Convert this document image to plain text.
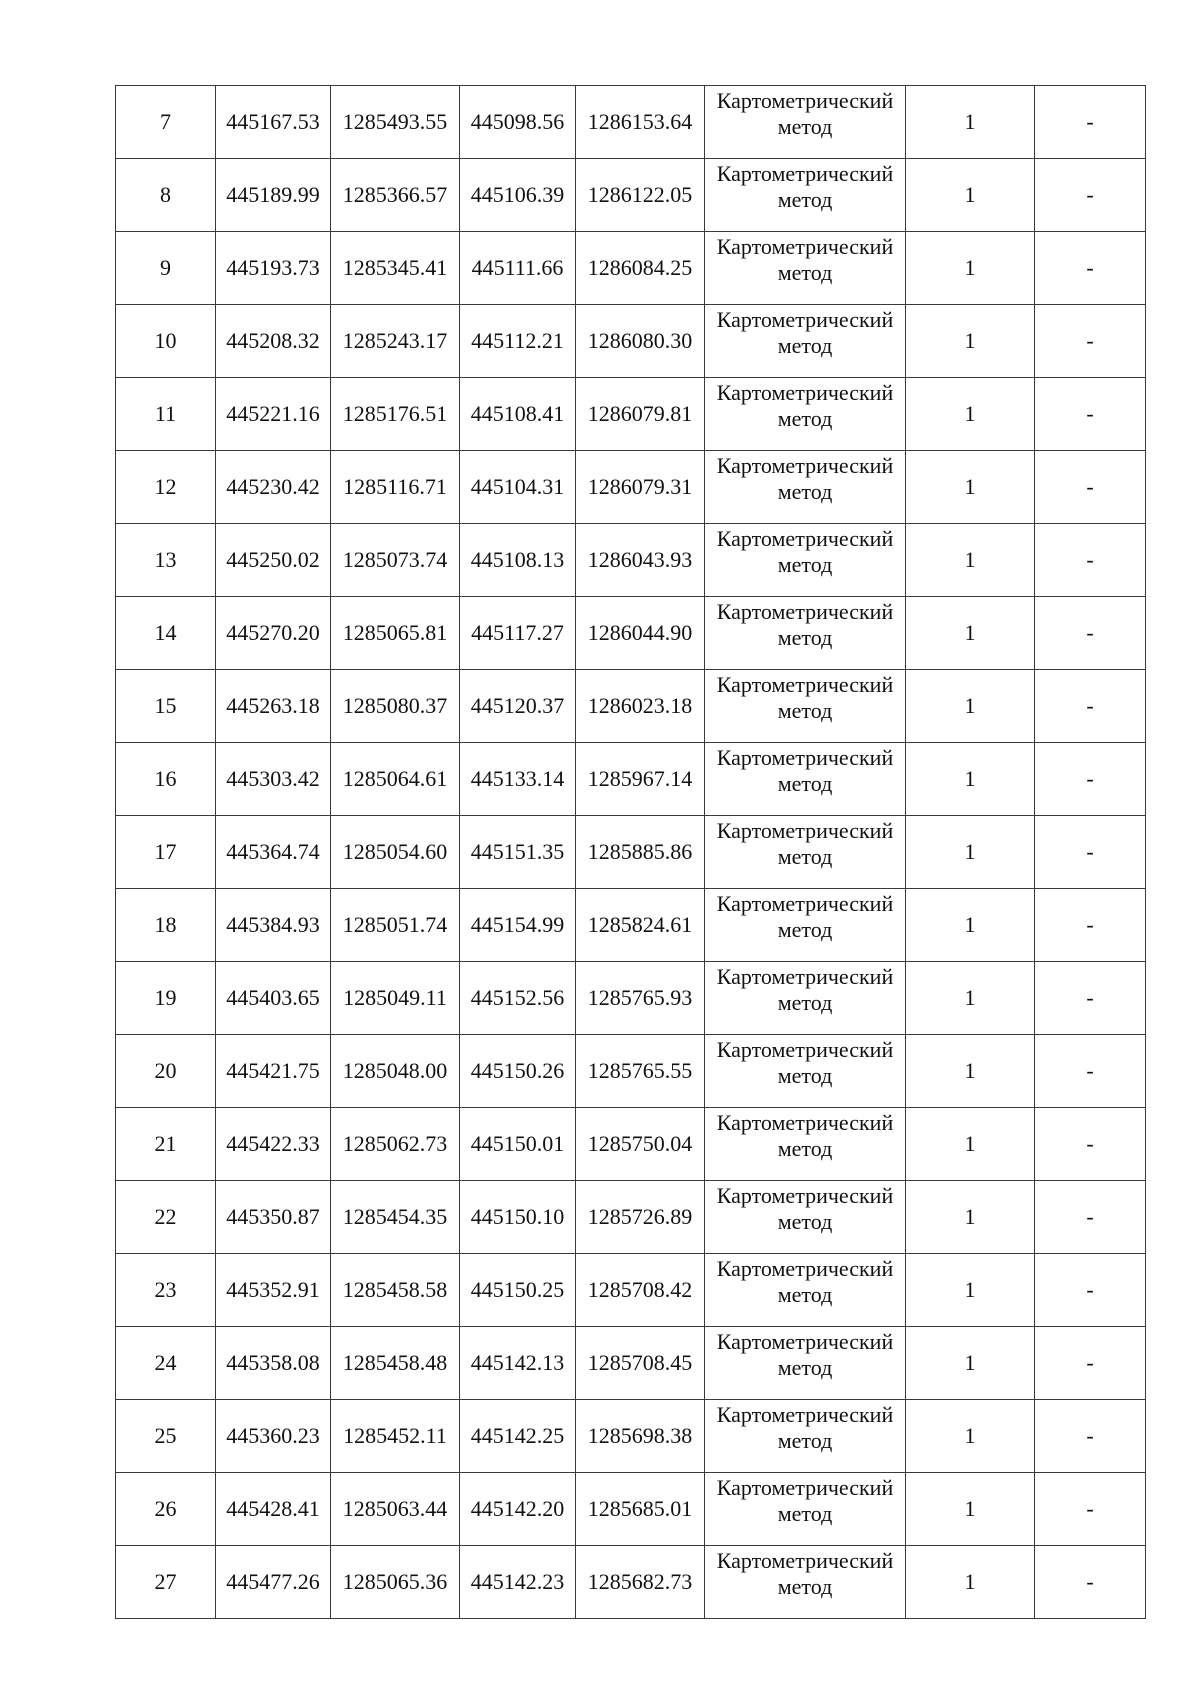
7	445167.53	1285493.55	445098.56	1286153.64	Картометрический
метод	1	-
8	445189.99	1285366.57	445106.39	1286122.05	Картометрический
метод	1	-
9	445193.73	1285345.41	445111.66	1286084.25	Картометрический
метод	1	-
10	445208.32	1285243.17	445112.21	1286080.30	Картометрический
метод	1	-
11	445221.16	1285176.51	445108.41	1286079.81	Картометрический
метод	1	-
12	445230.42	1285116.71	445104.31	1286079.31	Картометрический
метод	1	-
13	445250.02	1285073.74	445108.13	1286043.93	Картометрический
метод	1	-
14	445270.20	1285065.81	445117.27	1286044.90	Картометрический
метод	1	-
15	445263.18	1285080.37	445120.37	1286023.18	Картометрический
метод	1	-
16	445303.42	1285064.61	445133.14	1285967.14	Картометрический
метод	1	-
17	445364.74	1285054.60	445151.35	1285885.86	Картометрический
метод	1	-
18	445384.93	1285051.74	445154.99	1285824.61	Картометрический
метод	1	-
19	445403.65	1285049.11	445152.56	1285765.93	Картометрический
метод	1	-
20	445421.75	1285048.00	445150.26	1285765.55	Картометрический
метод	1	-
21	445422.33	1285062.73	445150.01	1285750.04	Картометрический
метод	1	-
22	445350.87	1285454.35	445150.10	1285726.89	Картометрический
метод	1	-
23	445352.91	1285458.58	445150.25	1285708.42	Картометрический
метод	1	-
24	445358.08	1285458.48	445142.13	1285708.45	Картометрический
метод	1	-
25	445360.23	1285452.11	445142.25	1285698.38	Картометрический
метод	1	-
26	445428.41	1285063.44	445142.20	1285685.01	Картометрический
метод	1	-
27	445477.26	1285065.36	445142.23	1285682.73	Картометрический
метод	1	-
